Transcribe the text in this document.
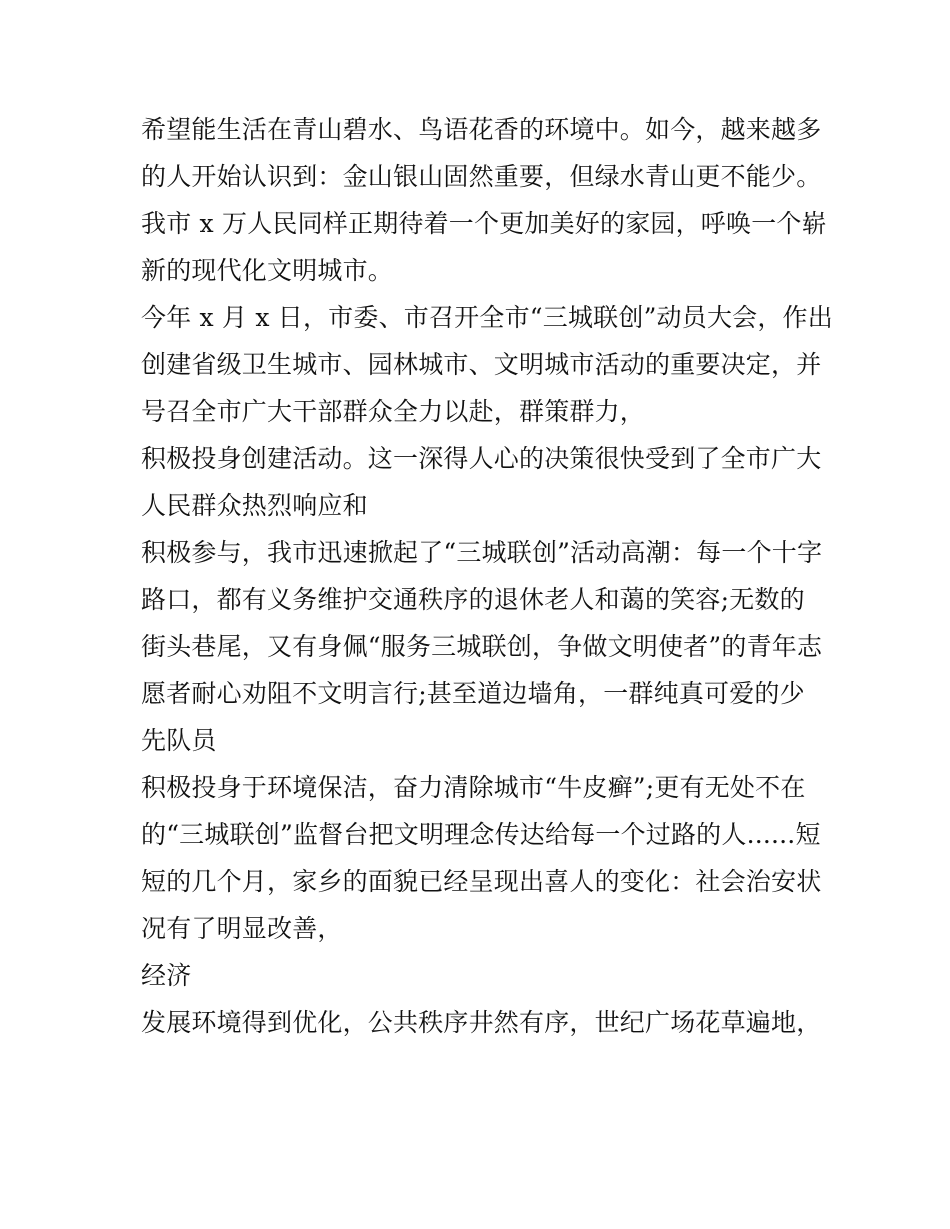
希望能生活在青山碧水、鸟语花香的环境中。如今，越来越多
的人开始认识到：金山银山固然重要，但绿水青山更不能少。
我市 x 万人民同样正期待着一个更加美好的家园，呼唤一个崭
新的现代化文明城市。
今年 x 月 x 日，市委、市召开全市“三城联创”动员大会，作出
创建省级卫生城市、园林城市、文明城市活动的重要决定，并
号召全市广大干部群众全力以赴，群策群力，
积极投身创建活动。这一深得人心的决策很快受到了全市广大
人民群众热烈响应和
积极参与，我市迅速掀起了“三城联创”活动高潮：每一个十字
路口，都有义务维护交通秩序的退休老人和蔼的笑容;无数的
街头巷尾，又有身佩“服务三城联创，争做文明使者”的青年志
愿者耐心劝阻不文明言行;甚至道边墙角，一群纯真可爱的少
先队员
积极投身于环境保洁，奋力清除城市“牛皮癣”;更有无处不在
的“三城联创”监督台把文明理念传达给每一个过路的人......短
短的几个月，家乡的面貌已经呈现出喜人的变化：社会治安状
况有了明显改善，
经济
发展环境得到优化，公共秩序井然有序，世纪广场花草遍地，
